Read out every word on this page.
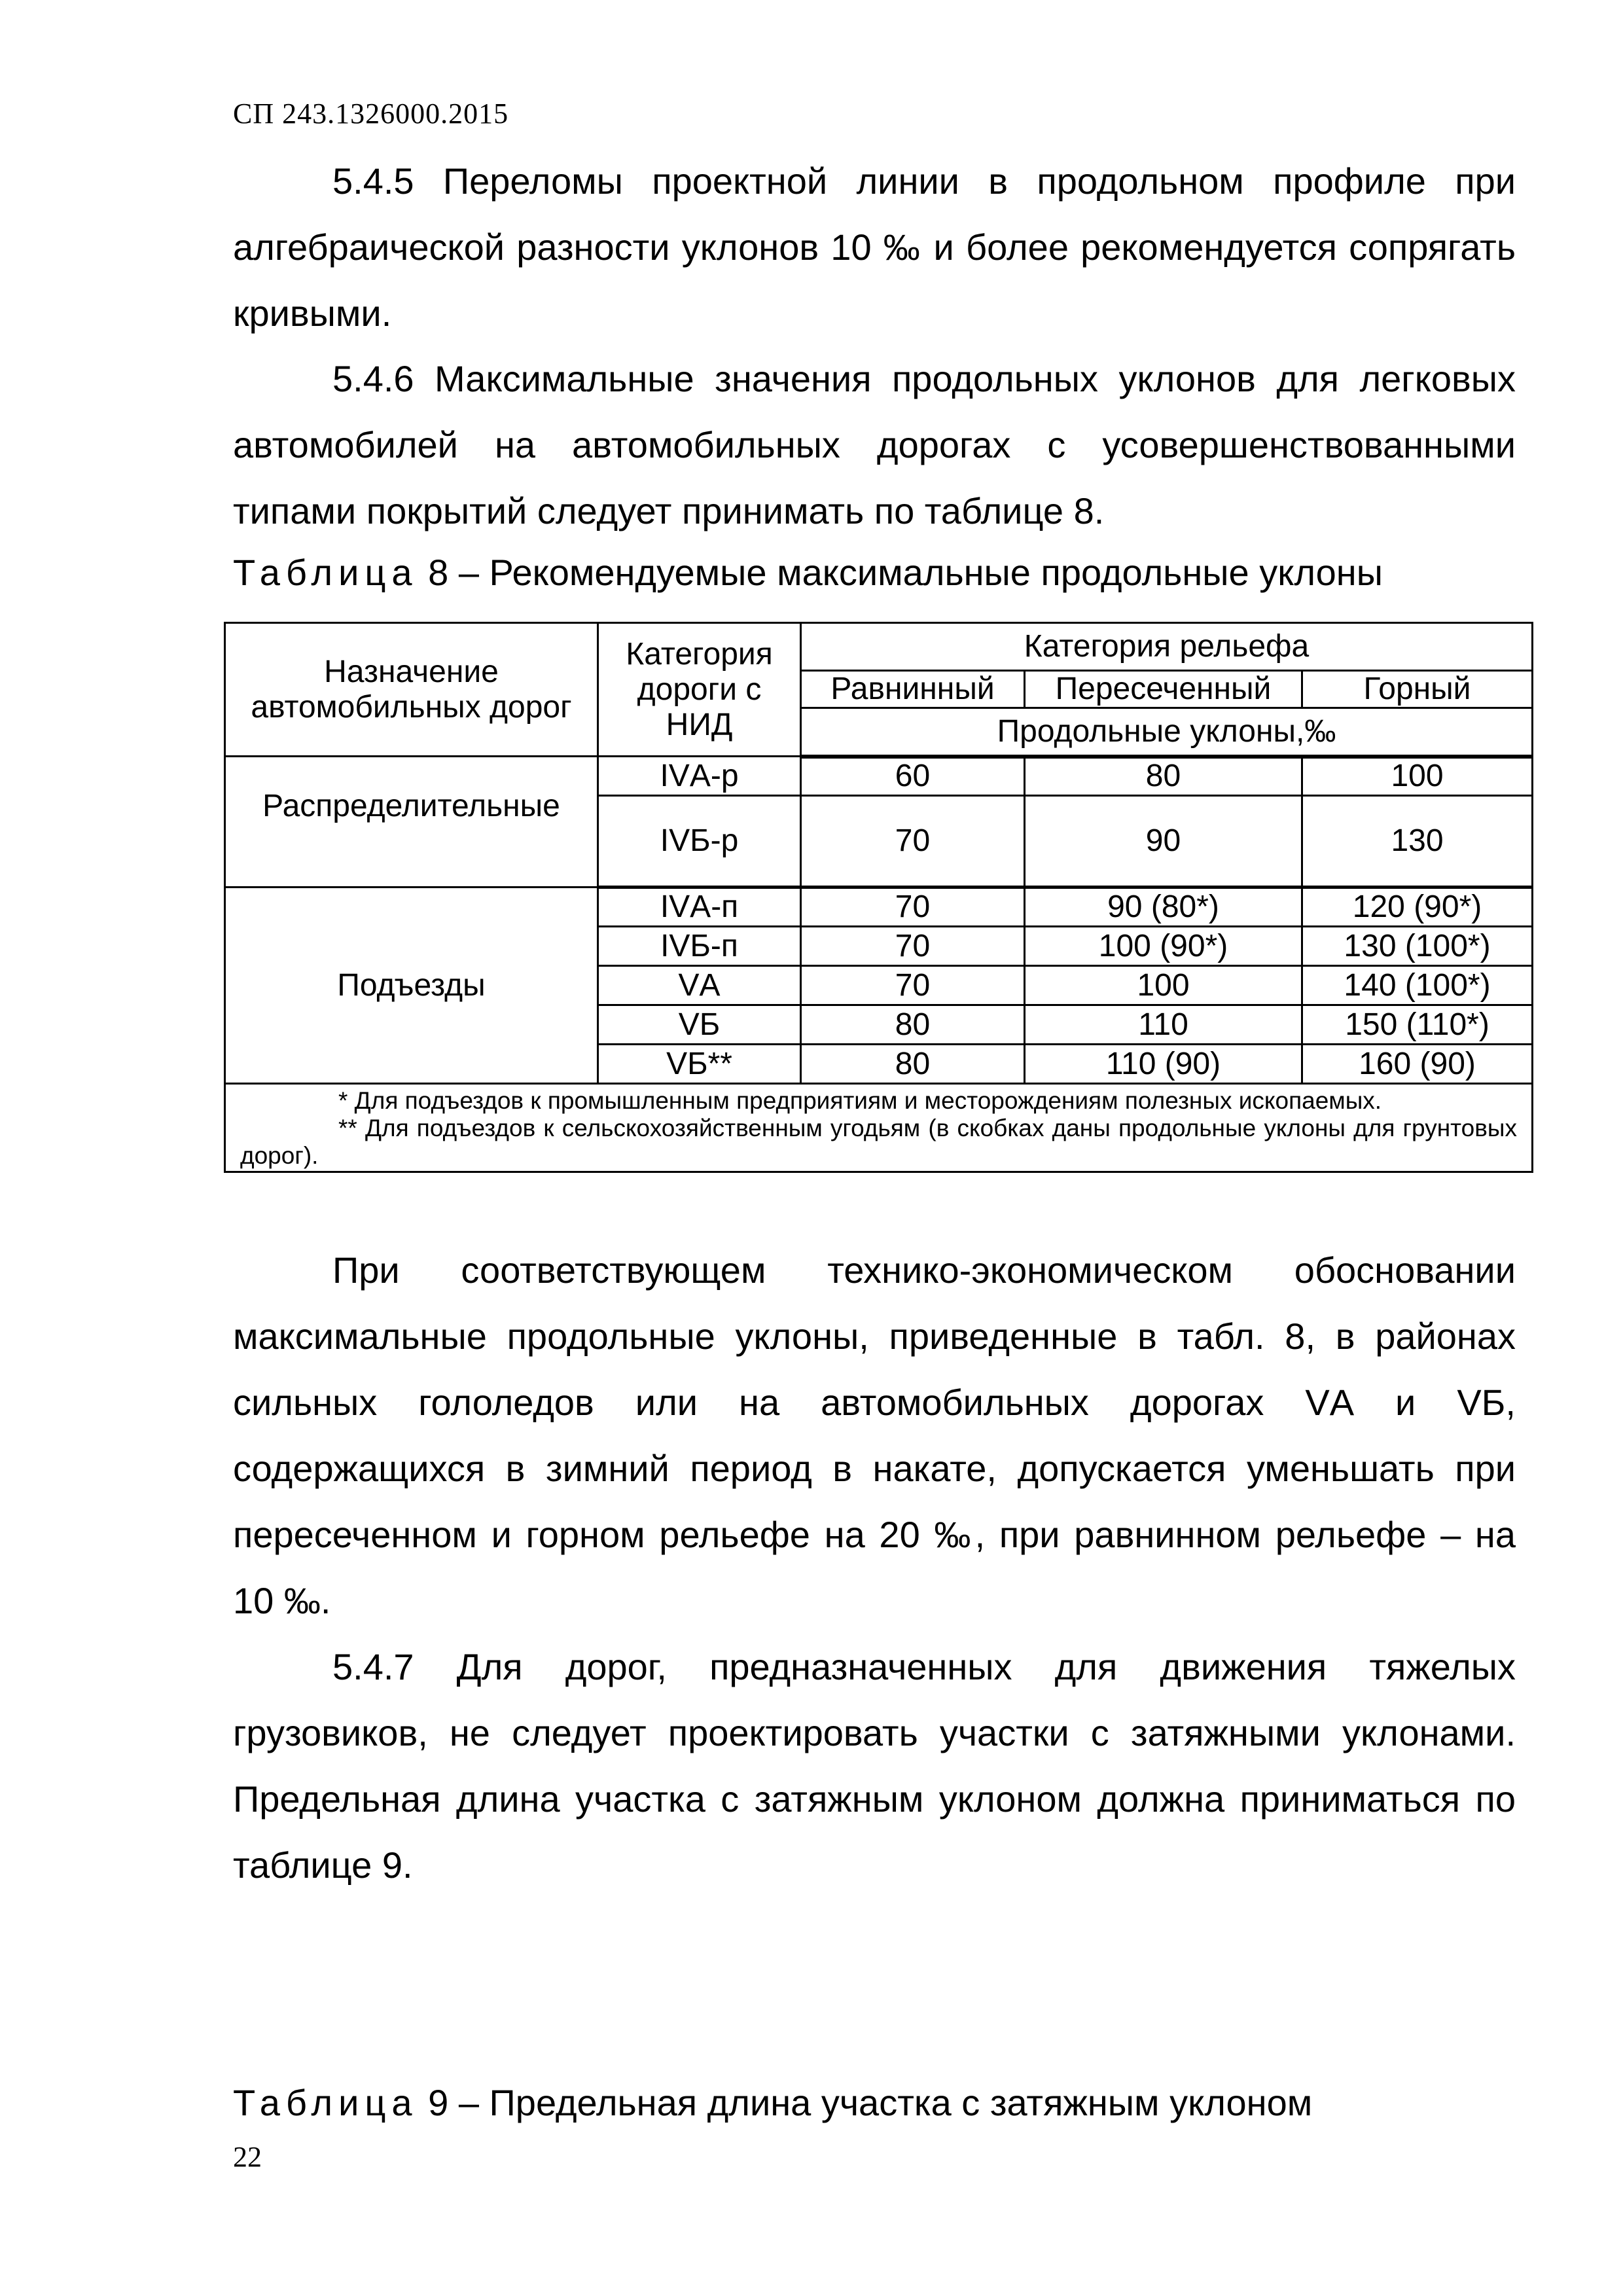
СП 243.1326000.2015
5.4.5 Переломы проектной линии в продольном профиле при алгебраической разности уклонов 10 ‰ и более рекомендуется сопрягать кривыми.
5.4.6 Максимальные значения продольных уклонов для легковых автомобилей на автомобильных дорогах с усовершенствованными типами покрытий следует принимать по таблице 8.
Таблица 8 – Рекомендуемые максимальные продольные уклоны
Назначение автомобильных дорог	Категория дороги с НИД	Категория рельефа		
		Равнинный	Пересеченный	Горный
		Продольные уклоны,‰		
Распределительные	IVА-р	60	80	100
	IVБ-р	70	90	130
Подъезды	IVА-п	70	90 (80*)	120 (90*)
	IVБ-п	70	100 (90*)	130 (100*)
	VА	70	100	140 (100*)
	VБ	80	110	150 (110*)
	VБ**	80	110 (90)	160 (90)

* Для подъездов к промышленным предприятиям и месторождениям полезных ископаемых.
** Для подъездов к сельскохозяйственным угодьям (в скобках даны продольные уклоны для грунтовых дорог).				
При соответствующем технико-экономическом обосновании максимальные продольные уклоны, приведенные в табл. 8, в районах сильных гололедов или на автомобильных дорогах VА и VБ, содержащихся в зимний период в накате, допускается уменьшать при пересеченном и горном рельефе на 20 ‰, при равнинном рельефе – на 10 ‰.
5.4.7 Для дорог, предназначенных для движения тяжелых грузовиков, не следует проектировать участки с затяжными уклонами. Предельная длина участка с затяжным уклоном должна приниматься по таблице 9.
Таблица 9 – Предельная длина участка с затяжным уклоном
22
